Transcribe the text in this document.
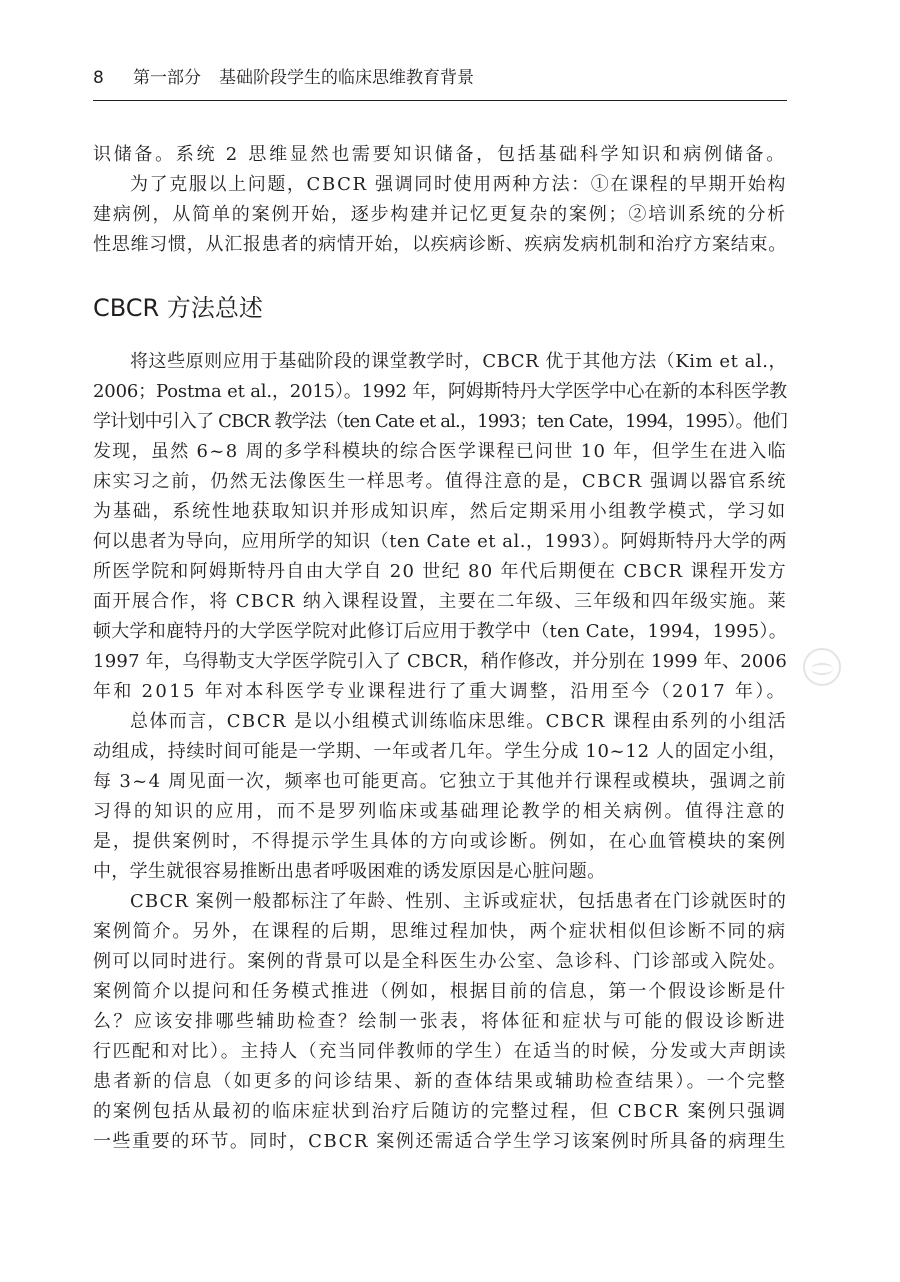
8 第一部分 基础阶段学生的临床思维教育背景
识储备。系统 2 思维显然也需要知识储备，包括基础科学知识和病例储备。
为了克服以上问题，CBCR 强调同时使用两种方法：①在课程的早期开始构
建病例，从简单的案例开始，逐步构建并记忆更复杂的案例；②培训系统的分析
性思维习惯，从汇报患者的病情开始，以疾病诊断、疾病发病机制和治疗方案结束。
CBCR 方法总述
将这些原则应用于基础阶段的课堂教学时，CBCR 优于其他方法（Kim et al.，
2006；Postma et al.，2015）。1992 年，阿姆斯特丹大学医学中心在新的本科医学教
学计划中引入了 CBCR 教学法（ten Cate et al.，1993；ten Cate，1994，1995）。他们
发现，虽然 6~8 周的多学科模块的综合医学课程已问世 10 年，但学生在进入临
床实习之前，仍然无法像医生一样思考。值得注意的是，CBCR 强调以器官系统
为基础，系统性地获取知识并形成知识库，然后定期采用小组教学模式，学习如
何以患者为导向，应用所学的知识（ten Cate et al.，1993）。阿姆斯特丹大学的两
所医学院和阿姆斯特丹自由大学自 20 世纪 80 年代后期便在 CBCR 课程开发方
面开展合作，将 CBCR 纳入课程设置，主要在二年级、三年级和四年级实施。莱
顿大学和鹿特丹的大学医学院对此修订后应用于教学中（ten Cate，1994，1995）。
1997 年，乌得勒支大学医学院引入了 CBCR，稍作修改，并分别在 1999 年、2006
年和 2015 年对本科医学专业课程进行了重大调整，沿用至今（2017 年）。
总体而言，CBCR 是以小组模式训练临床思维。CBCR 课程由系列的小组活
动组成，持续时间可能是一学期、一年或者几年。学生分成 10~12 人的固定小组，
每 3~4 周见面一次，频率也可能更高。它独立于其他并行课程或模块，强调之前
习得的知识的应用，而不是罗列临床或基础理论教学的相关病例。值得注意的
是，提供案例时，不得提示学生具体的方向或诊断。例如，在心血管模块的案例
中，学生就很容易推断出患者呼吸困难的诱发原因是心脏问题。
CBCR 案例一般都标注了年龄、性别、主诉或症状，包括患者在门诊就医时的
案例简介。另外，在课程的后期，思维过程加快，两个症状相似但诊断不同的病
例可以同时进行。案例的背景可以是全科医生办公室、急诊科、门诊部或入院处。
案例简介以提问和任务模式推进（例如，根据目前的信息，第一个假设诊断是什
么？应该安排哪些辅助检查？绘制一张表，将体征和症状与可能的假设诊断进
行匹配和对比）。主持人（充当同伴教师的学生）在适当的时候，分发或大声朗读
患者新的信息（如更多的问诊结果、新的查体结果或辅助检查结果）。一个完整
的案例包括从最初的临床症状到治疗后随访的完整过程，但 CBCR 案例只强调
一些重要的环节。同时，CBCR 案例还需适合学生学习该案例时所具备的病理生
